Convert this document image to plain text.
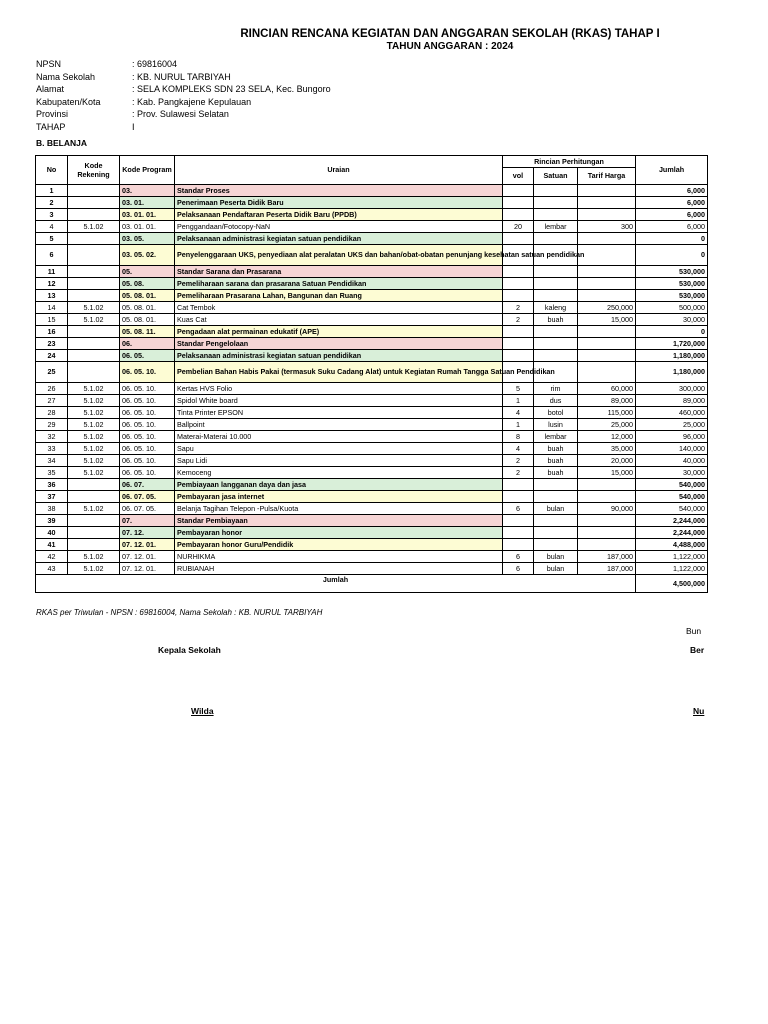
RINCIAN RENCANA KEGIATAN DAN ANGGARAN SEKOLAH (RKAS) TAHAP I
TAHUN ANGGARAN : 2024
NPSN	: 69816004
Nama Sekolah	: KB. NURUL TARBIYAH
Alamat	: SELA KOMPLEKS SDN 23 SELA, Kec. Bungoro
Kabupaten/Kota	: Kab. Pangkajene Kepulauan
Provinsi	: Prov. Sulawesi Selatan
TAHAP	I
B. BELANJA
No	Kode Rekening	Kode Program	Uraian	Rincian Perhitungan			Jumlah
				vol	Satuan	Tarif Harga	
1		03.	Standar Proses				6,000
2		03. 01.	Penerimaan Peserta Didik Baru				6,000
3		03. 01. 01.	Pelaksanaan Pendaftaran Peserta Didik Baru (PPDB)				6,000
4	5.1.02	03. 01. 01.	Penggandaan/Fotocopy-NaN	20	lembar	300	6,000
5		03. 05.	Pelaksanaan administrasi kegiatan satuan pendidikan				0
6		03. 05. 02.	Penyelenggaraan UKS, penyediaan alat peralatan UKS dan bahan/obat-obatan penunjang kesehatan satuan pendidikan				0
11		05.	Standar Sarana dan Prasarana				530,000
12		05. 08.	Pemeliharaan sarana dan prasarana Satuan Pendidikan				530,000
13		05. 08. 01.	Pemeliharaan Prasarana Lahan, Bangunan dan Ruang				530,000
14	5.1.02	05. 08. 01.	Cat Tembok	2	kaleng	250,000	500,000
15	5.1.02	05. 08. 01.	Kuas Cat	2	buah	15,000	30,000
16		05. 08. 11.	Pengadaan alat permainan edukatif (APE)				0
23		06.	Standar Pengelolaan				1,720,000
24		06. 05.	Pelaksanaan administrasi kegiatan satuan pendidikan				1,180,000
25		06. 05. 10.	Pembelian Bahan Habis Pakai (termasuk Suku Cadang Alat) untuk Kegiatan Rumah Tangga Satuan Pendidikan				1,180,000
26	5.1.02	06. 05. 10.	Kertas HVS Folio	5	rim	60,000	300,000
27	5.1.02	06. 05. 10.	Spidol White board	1	dus	89,000	89,000
28	5.1.02	06. 05. 10.	Tinta Printer EPSON	4	botol	115,000	460,000
29	5.1.02	06. 05. 10.	Ballpoint	1	lusin	25,000	25,000
32	5.1.02	06. 05. 10.	Materai-Materai 10.000	8	lembar	12,000	96,000
33	5.1.02	06. 05. 10.	Sapu	4	buah	35,000	140,000
34	5.1.02	06. 05. 10.	Sapu Lidi	2	buah	20,000	40,000
35	5.1.02	06. 05. 10.	Kemoceng	2	buah	15,000	30,000
36		06. 07.	Pembiayaan langganan daya dan jasa				540,000
37		06. 07. 05.	Pembayaran jasa internet				540,000
38	5.1.02	06. 07. 05.	Belanja Tagihan Telepon -Pulsa/Kuota	6	bulan	90,000	540,000
39		07.	Standar Pembiayaan				2,244,000
40		07. 12.	Pembayaran honor				2,244,000
41		07. 12. 01.	Pembayaran honor Guru/Pendidik				4,488,000
42	5.1.02	07. 12. 01.	NURHIKMA	6	bulan	187,000	1,122,000
43	5.1.02	07. 12. 01.	RUBIANAH	6	bulan	187,000	1,122,000
Jumlah							4,500,000
RKAS per Triwulan - NPSN : 69816004, Nama Sekolah : KB. NURUL TARBIYAH
Bun
Kepala Sekolah	Ber
Wilda	Nu
